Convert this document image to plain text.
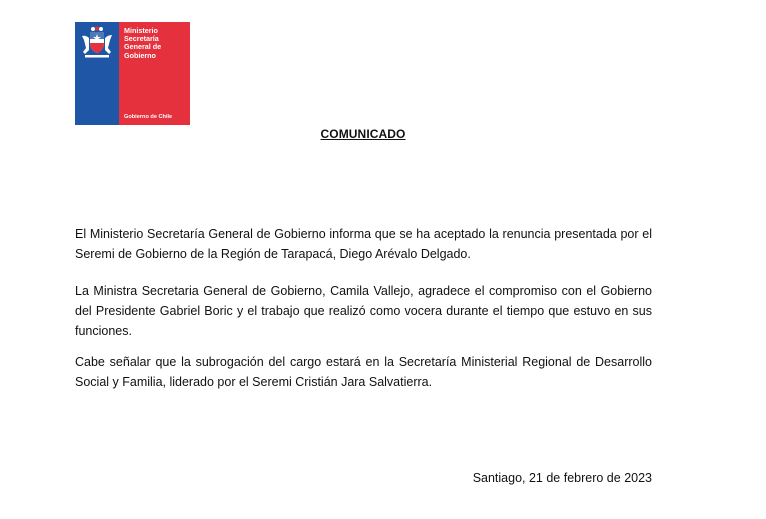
Ministerio
Secretaría
General de
Gobierno
Gobierno de Chile
COMUNICADO

El Ministerio Secretaría General de Gobierno informa que se ha aceptado la renuncia presentada por el Seremi de Gobierno de la Región de Tarapacá, Diego Arévalo Delgado.

La Ministra Secretaria General de Gobierno, Camila Vallejo, agradece el compromiso con el Gobierno del Presidente Gabriel Boric y el trabajo que realizó como vocera durante el tiempo que estuvo en sus funciones.

Cabe señalar que la subrogación del cargo estará en la Secretaría Ministerial Regional de Desarrollo Social y Familia, liderado por el Seremi Cristián Jara Salvatierra.

Santiago, 21 de febrero de 2023
